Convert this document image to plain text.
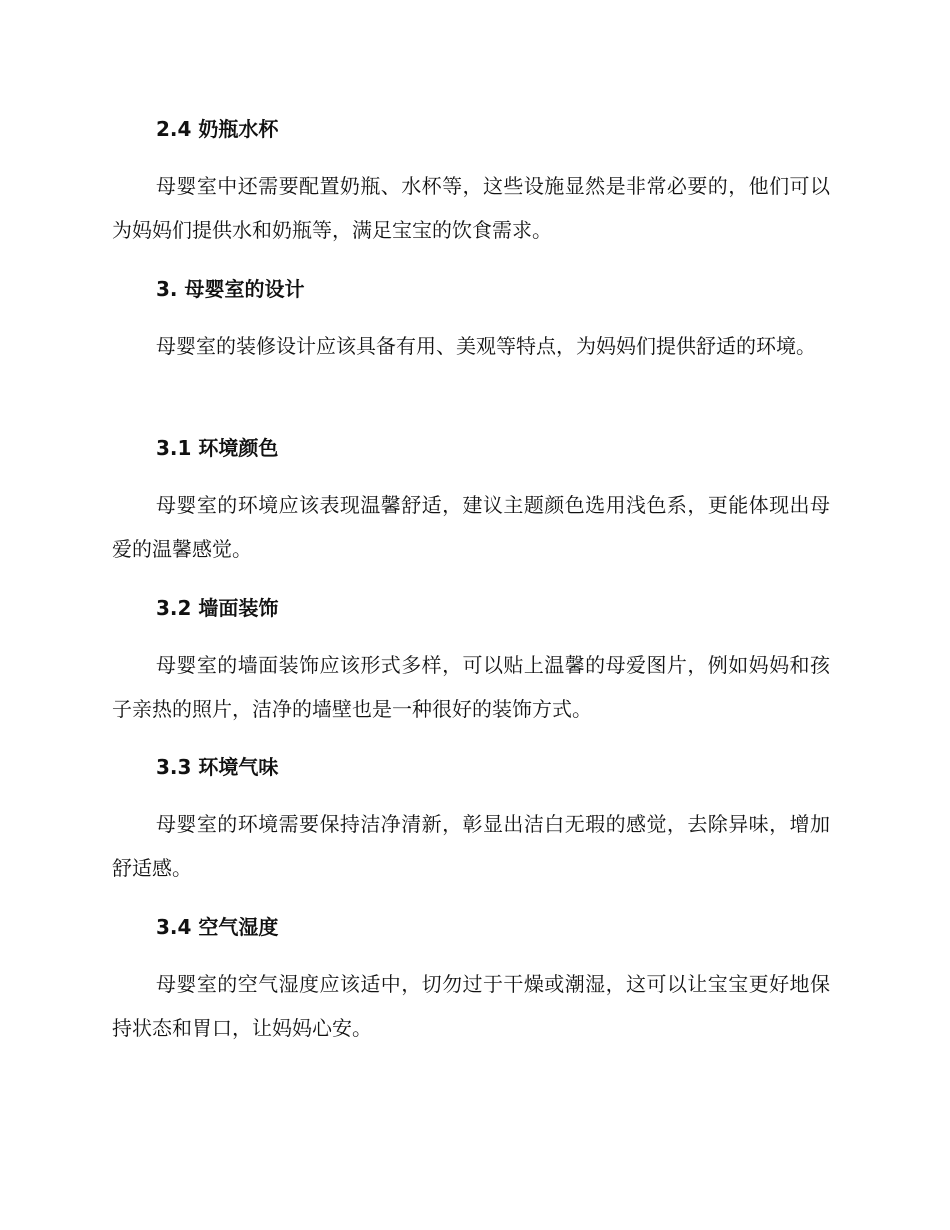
2.4 奶瓶水杯
母婴室中还需要配置奶瓶、水杯等，这些设施显然是非常必要的，他们可以为妈妈们提供水和奶瓶等，满足宝宝的饮食需求。
3. 母婴室的设计
母婴室的装修设计应该具备有用、美观等特点，为妈妈们提供舒适的环境。
3.1 环境颜色
母婴室的环境应该表现温馨舒适，建议主题颜色选用浅色系，更能体现出母爱的温馨感觉。
3.2 墙面装饰
母婴室的墙面装饰应该形式多样，可以贴上温馨的母爱图片，例如妈妈和孩子亲热的照片，洁净的墙壁也是一种很好的装饰方式。
3.3 环境气味
母婴室的环境需要保持洁净清新，彰显出洁白无瑕的感觉，去除异味，增加舒适感。
3.4 空气湿度
母婴室的空气湿度应该适中，切勿过于干燥或潮湿，这可以让宝宝更好地保持状态和胃口，让妈妈心安。
